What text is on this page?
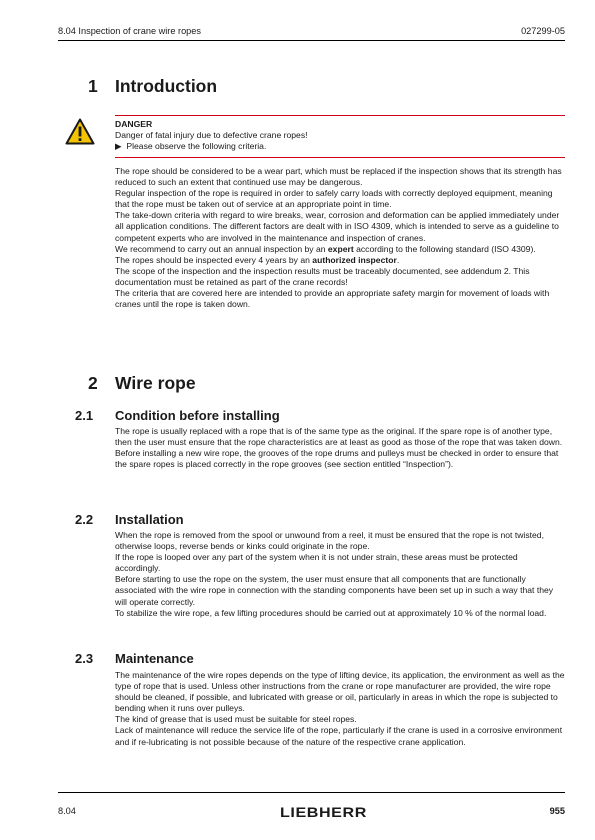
8.04 Inspection of crane wire ropes	027299-05
1 Introduction
DANGER
Danger of fatal injury due to defective crane ropes!
▶ Please observe the following criteria.

The rope should be considered to be a wear part, which must be replaced if the inspection shows that its strength has reduced to such an extent that continued use may be dangerous.

Regular inspection of the rope is required in order to safely carry loads with correctly deployed equipment, meaning that the rope must be taken out of service at an appropriate point in time.

The take-down criteria with regard to wire breaks, wear, corrosion and deformation can be applied immediately under all application conditions. The different factors are dealt with in ISO 4309, which is intended to serve as a guideline to competent experts who are involved in the maintenance and inspection of cranes.

We recommend to carry out an annual inspection by an expert according to the following standard (ISO 4309).

The ropes should be inspected every 4 years by an authorized inspector.

The scope of the inspection and the inspection results must be traceably documented, see addendum 2. This documentation must be retained as part of the crane records!

The criteria that are covered here are intended to provide an appropriate safety margin for movement of loads with cranes until the rope is taken down.

2 Wire rope
2.1 Condition before installing

The rope is usually replaced with a rope that is of the same type as the original. If the spare rope is of another type, then the user must ensure that the rope characteristics are at least as good as those of the rope that was taken down.

Before installing a new wire rope, the grooves of the rope drums and pulleys must be checked in order to ensure that the spare ropes is placed correctly in the rope grooves (see section entitled “Inspection”).

2.2 Installation

When the rope is removed from the spool or unwound from a reel, it must be ensured that the rope is not twisted, otherwise loops, reverse bends or kinks could originate in the rope.

If the rope is looped over any part of the system when it is not under strain, these areas must be protected accordingly.

Before starting to use the rope on the system, the user must ensure that all components that are functionally associated with the wire rope in connection with the standing components have been set up in such a way that they will operate correctly.

To stabilize the wire rope, a few lifting procedures should be carried out at approximately 10 % of the normal load.

2.3 Maintenance

The maintenance of the wire ropes depends on the type of lifting device, its application, the environment as well as the type of rope that is used. Unless other instructions from the crane or rope manufacturer are provided, the wire rope should be cleaned, if possible, and lubricated with grease or oil, particularly in areas in which the rope is subjected to bending when it runs over pulleys.

The kind of grease that is used must be suitable for steel ropes.

Lack of maintenance will reduce the service life of the rope, particularly if the crane is used in a corrosive environment and if re-lubricating is not possible because of the nature of the respective crane application.

8.04	LIEBHERR	955
